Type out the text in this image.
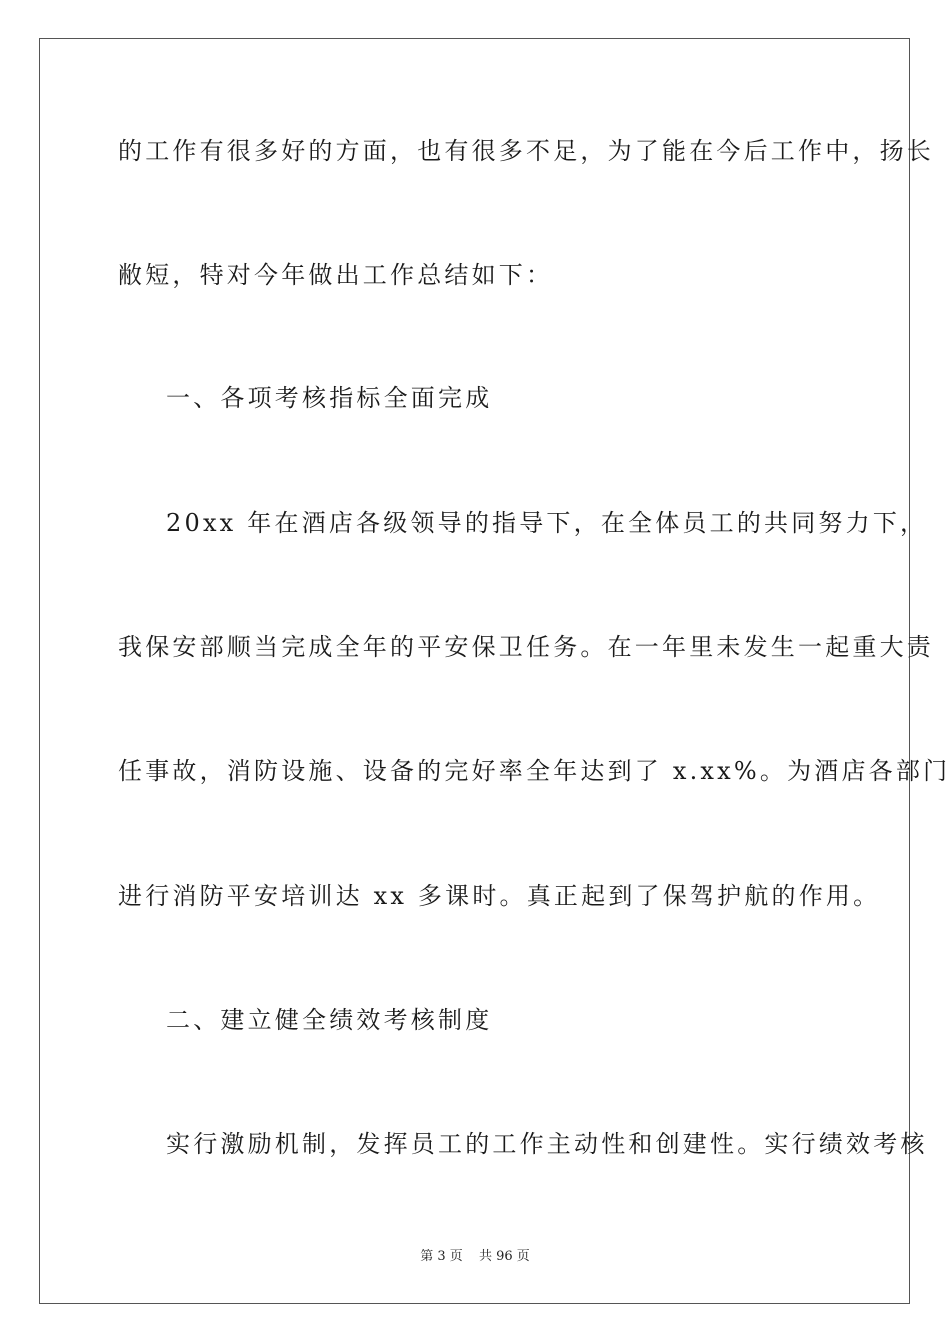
的工作有很多好的方面，也有很多不足，为了能在今后工作中，扬长
敝短，特对今年做出工作总结如下：
一、各项考核指标全面完成
20xx 年在酒店各级领导的指导下，在全体员工的共同努力下，
我保安部顺当完成全年的平安保卫任务。在一年里未发生一起重大责
任事故，消防设施、设备的完好率全年达到了 x.xx%。为酒店各部门
进行消防平安培训达 xx 多课时。真正起到了保驾护航的作用。
二、建立健全绩效考核制度
实行激励机制，发挥员工的工作主动性和创建性。实行绩效考核
第 3 页 共 96 页
